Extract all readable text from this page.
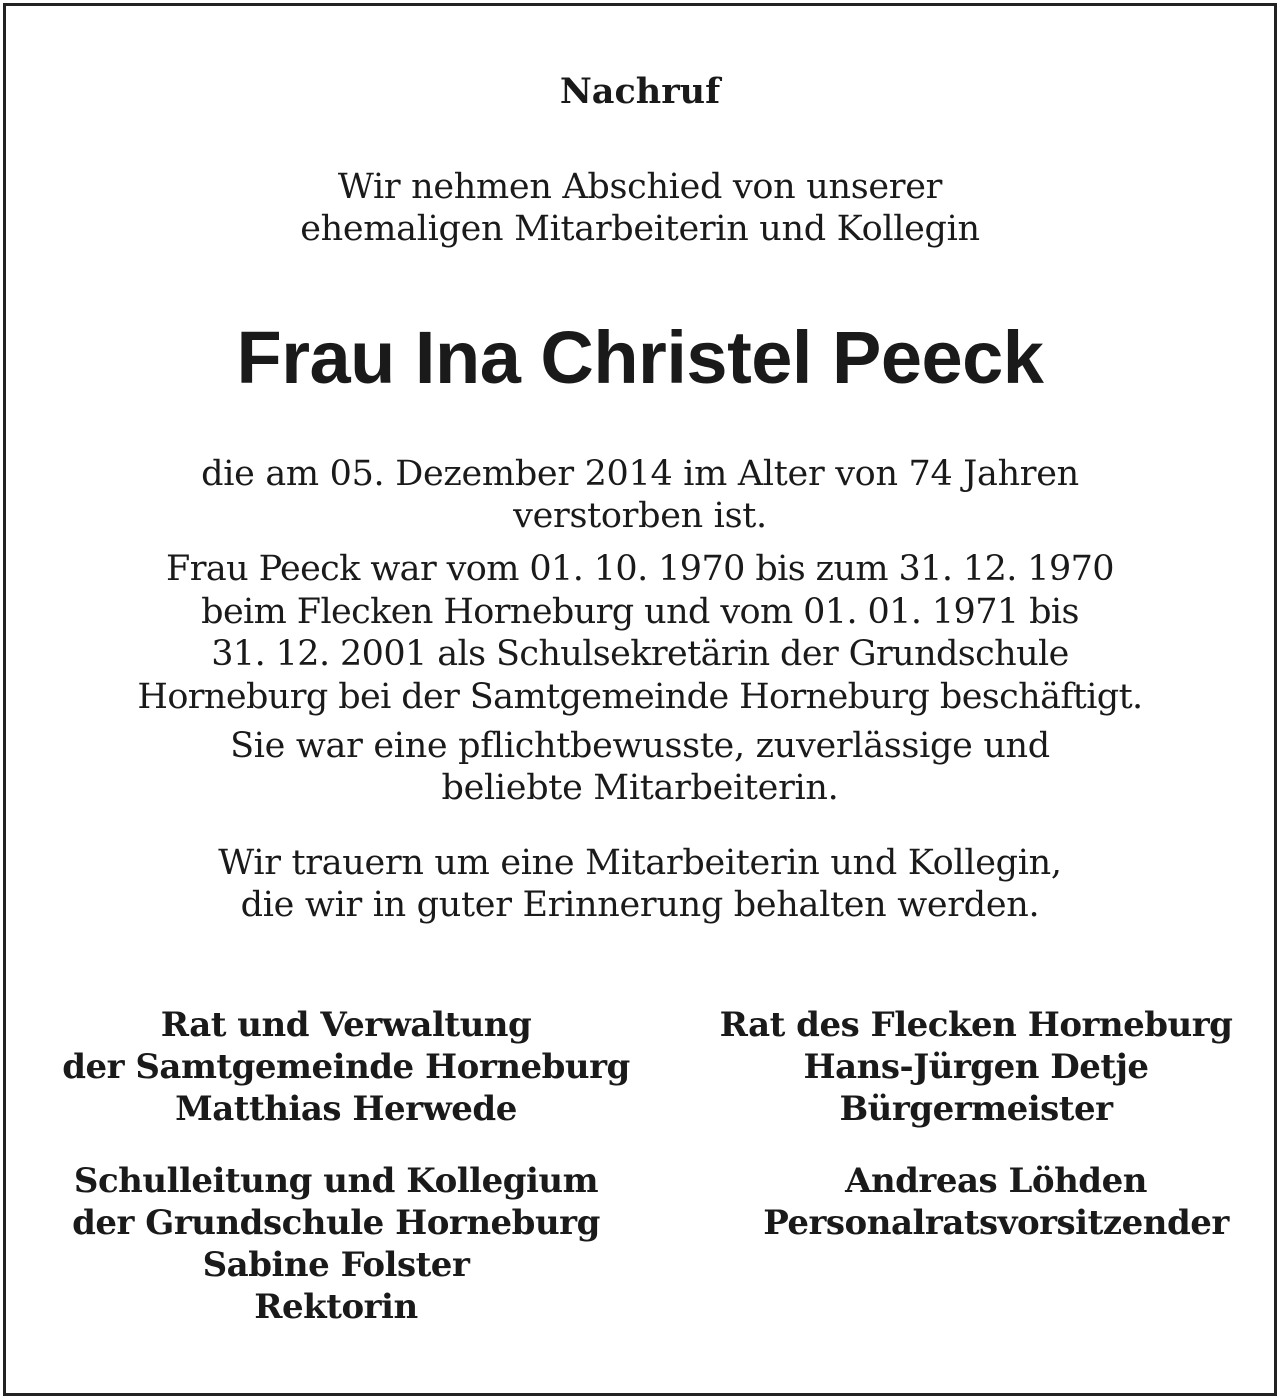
Nachruf
Wir nehmen Abschied von unserer
ehemaligen Mitarbeiterin und Kollegin
Frau Ina Christel Peeck
die am 05. Dezember 2014 im Alter von 74 Jahren
verstorben ist.
Frau Peeck war vom 01. 10. 1970 bis zum 31. 12. 1970
beim Flecken Horneburg und vom 01. 01. 1971 bis
31. 12. 2001 als Schulsekretärin der Grundschule
Horneburg bei der Samtgemeinde Horneburg beschäftigt.
Sie war eine pflichtbewusste, zuverlässige und
beliebte Mitarbeiterin.
Wir trauern um eine Mitarbeiterin und Kollegin,
die wir in guter Erinnerung behalten werden.
Rat und Verwaltung
der Samtgemeinde Horneburg
Matthias Herwede
Rat des Flecken Horneburg
Hans-Jürgen Detje
Bürgermeister
Schulleitung und Kollegium
der Grundschule Horneburg
Sabine Folster
Rektorin
Andreas Löhden
Personalratsvorsitzender
